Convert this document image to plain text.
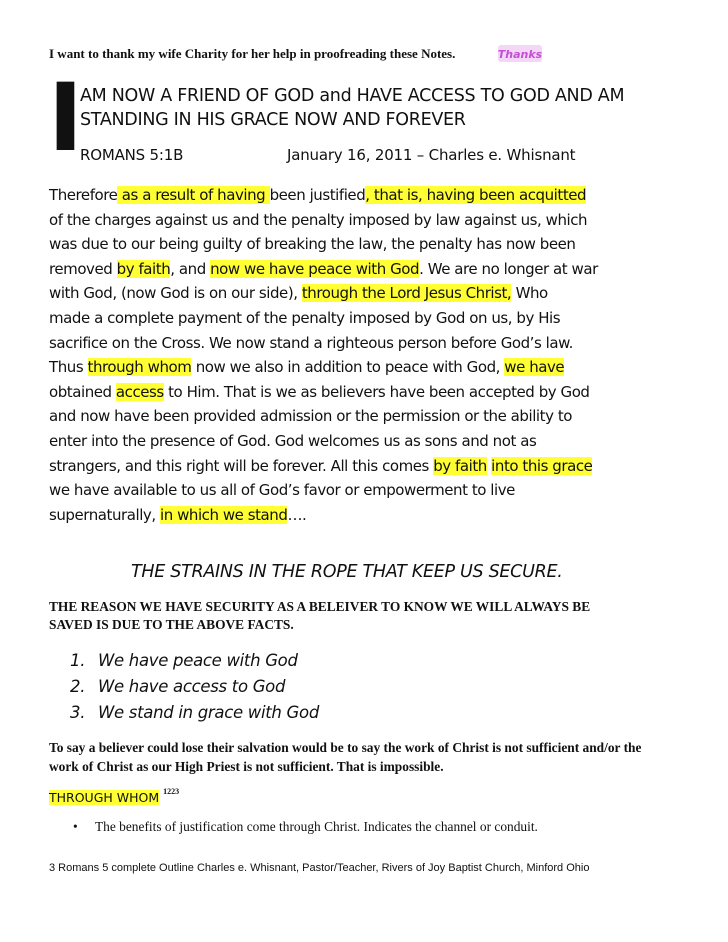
I want to thank my wife Charity for her help in proofreading these Notes.	Thanks
I
AM NOW A FRIEND OF GOD and HAVE ACCESS TO GOD AND AM
STANDING IN HIS GRACE NOW AND FOREVER
ROMANS 5:1B	January 16, 2011 – Charles e. Whisnant
Therefore as a result of having been justified, that is, having been acquitted
of the charges against us and the penalty imposed by law against us, which
was due to our being guilty of breaking the law, the penalty has now been
removed by faith, and now we have peace with God. We are no longer at war
with God, (now God is on our side), through the Lord Jesus Christ, Who
made a complete payment of the penalty imposed by God on us, by His
sacrifice on the Cross. We now stand a righteous person before God’s law.
Thus through whom now we also in addition to peace with God, we have
obtained access to Him. That is we as believers have been accepted by God
and now have been provided admission or the permission or the ability to
enter into the presence of God. God welcomes us as sons and not as
strangers, and this right will be forever. All this comes by faith into this grace
we have available to us all of God’s favor or empowerment to live
supernaturally, in which we stand….
THE STRAINS IN THE ROPE THAT KEEP US SECURE.
THE REASON WE HAVE SECURITY AS A BELEIVER TO KNOW WE WILL ALWAYS BE
SAVED IS DUE TO THE ABOVE FACTS.
1. We have peace with God
2. We have access to God
3. We stand in grace with God
To say a believer could lose their salvation would be to say the work of Christ is not sufficient and/or the
work of Christ as our High Priest is not sufficient. That is impossible.
THROUGH WHOM $^{1223}$
• The benefits of justification come through Christ. Indicates the channel or conduit.
3 Romans 5 complete Outline Charles e. Whisnant, Pastor/Teacher, Rivers of Joy Baptist Church, Minford Ohio
